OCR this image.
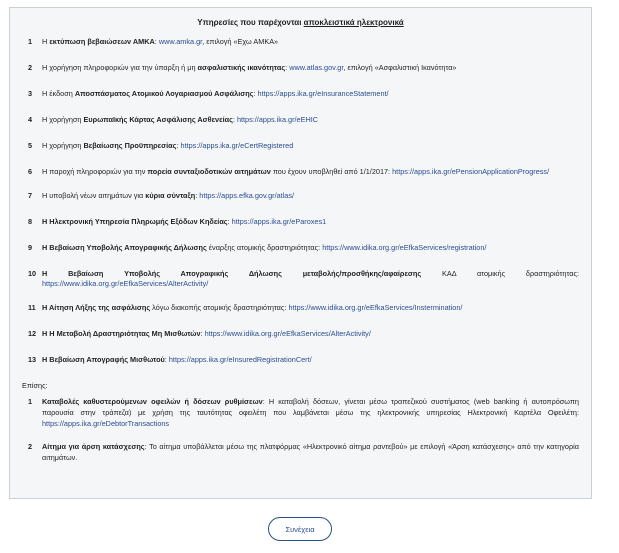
Υπηρεσίες που παρέχονται αποκλειστικά ηλεκτρονικά
1	Η εκτύπωση βεβαιώσεων ΑΜΚΑ: www.amka.gr, επιλογή «Εχω ΑΜΚΑ»
2	Η χορήγηση πληροφοριών για την ύπαρξη ή μη ασφαλιστικής ικανότητας: www.atlas.gov.gr, επιλογή «Ασφαλιστική Ικανότητα»
3	Η έκδοση Αποσπάσματος Ατομικού Λογαριασμού Ασφάλισης: https://apps.ika.gr/eInsuranceStatement/
4	Η χορήγηση Ευρωπαϊκής Κάρτας Ασφάλισης Ασθενείας: https://apps.ika.gr/eEHIC
5	Η χορήγηση Βεβαίωσης Προϋπηρεσίας: https://apps.ika.gr/eCertRegistered
6	Η παροχή πληροφοριών για την πορεία συνταξιοδοτικών αιτημάτων που έχουν υποβληθεί από 1/1/2017: https://apps.ika.gr/ePensionApplicationProgress/
7	Η υποβολή νέων αιτημάτων για κύρια σύνταξη: https://apps.efka.gov.gr/atlas/
8	Η Ηλεκτρονική Υπηρεσία Πληρωμής Εξόδων Κηδείας: https://apps.ika.gr/eParoxes1
9	Η Βεβαίωση Υποβολής Απογραφικής Δήλωσης έναρξης ατομικής δραστηριότητας: https://www.idika.org.gr/eEfkaServices/registration/
10 Η Βεβαίωση Υποβολής Απογραφικής Δήλωσης μεταβολής/προσθήκης/αφαίρεσης ΚΑΔ ατομικής δραστηριότητας: https://www.idika.org.gr/eEfkaServices/AlterActivity/
11 Η Αίτηση Λήξης της ασφάλισης λόγω διακοπής ατομικής δραστηριότητας: https://www.idika.org.gr/eEfkaServices/Instermination/
12 Η Η Μεταβολή Δραστηριότητας Μη Μισθωτών: https://www.idika.org.gr/eEfkaServices/AlterActivity/
13 Η Βεβαίωση Απογραφής Μισθωτού: https://apps.ika.gr/eInsuredRegistrationCert/
Επίσης:
1	Καταβολές καθυστερούμενων οφειλών ή δόσεων ρυθμίσεων: Η καταβολή δόσεων, γίνεται μέσω τραπεζικού συστήματος (web banking ή αυτοπρόσωπη παρουσία στην τράπεζα) με χρήση της ταυτότητας οφειλέτη που λαμβάνεται μέσω της ηλεκτρονικής υπηρεσίας Ηλεκτρονική Καρτέλα Οφειλέτη: https://apps.ika.gr/eDebtorTransactions
2	Αίτημα για άρση κατάσχεσης: Το αίτημα υποβάλλεται μέσω της πλατφόρμας «Ηλεκτρονικό αίτημα ραντεβού» με επιλογή «Άρση κατάσχεσης» από την κατηγορία αιτημάτων.
Συνέχεια
